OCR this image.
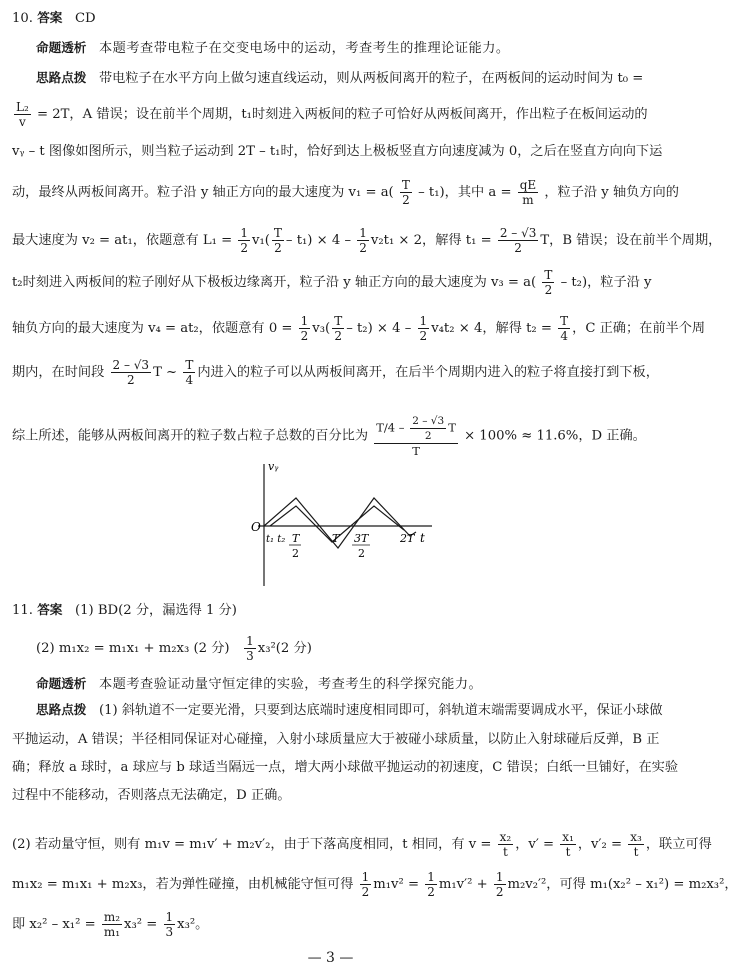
10. 答案 CD
命题透析 本题考查带电粒子在交变电场中的运动，考查考生的推理论证能力。
思路点拨 带电粒子在水平方向上做匀速直线运动，则从两板间离开的粒子，在两板间的运动时间为 t₀ =
$\frac{\text{L₂}}{v} = 2T$，A 错误；设在前半个周期，t₁时刻进入两板间的粒子可恰好从两板间离开，作出粒子在板间运动的
vᵧ – t 图像如图所示，则当粒子运动到 2T – t₁时，恰好到达上极板竖直方向速度减为 0，之后在竖直方向向下运
动，最终从两板间离开。粒子沿 y 轴正方向的最大速度为 $v_1 = a( \frac{T}{2} - t_1)$，其中 $a = \frac{qE}{m}$ ，粒子沿 y 轴负方向的
最大速度为 v₂ = at₁，依题意有 $L_1 = \frac{1}{2} v_1( \frac{T}{2} - t_1) \times 4 - \frac{1}{2} v_2t_1 \times 2$，解得 $t_1 = \frac{2 - √3}{2}$ T，B 错误；设在前半个周期，
t₂时刻进入两板间的粒子刚好从下极板边缘离开，粒子沿 y 轴正方向的最大速度为 $v_3 = a( \frac{T}{2} - t_2)$，粒子沿 y
轴负方向的最大速度为 v₄ = at₂，依题意有 $0 = \frac{1}{2} v_3( \frac{T}{2} - t_2) \times 4 - \frac{1}{2} v_4t_2 \times 4$，解得 $t_2 = \frac{T}{4}$ ，C 正确；在前半个周
期内，在时间段 $\frac{2 - √3}{2}$ T ~ $\frac{T}{4}$ 内进入的粒子可以从两板间离开，在后半个周期内进入的粒子将直接打到下板，
综上所述，能够从两板间离开的粒子数占粒子总数的百分比为 $\frac{T/4 - \frac{2 - √3}{2} T}{T} \times 100\% \approx 11.6\%$，D 正确。
vᵧ
O
t
t₁ t₂ T
2
T 3T
2
2T
11. 答案 (1) BD(2 分，漏选得 1 分)
(2) m₁x₂ = m₁x₁ + m₂x₃ (2 分) $\frac{1}{3} x_3^2(2$ 分)
命题透析 本题考查验证动量守恒定律的实验，考查考生的科学探究能力。
思路点拨 (1) 斜轨道不一定要光滑，只要到达底端时速度相同即可，斜轨道末端需要调成水平，保证小球做
平抛运动，A 错误；半径相同保证对心碰撞，入射小球质量应大于被碰小球质量，以防止入射球碰后反弹，B 正
确；释放 a 球时，a 球应与 b 球适当隔远一点，增大两小球做平抛运动的初速度，C 错误；白纸一旦铺好，在实验
过程中不能移动，否则落点无法确定，D 正确。
(2) 若动量守恒，则有 m₁v = m₁v′ + m₂v′₂，由于下落高度相同，t 相同，有 $v = \frac{\text{x₂}}{t}$ ，$v' = \frac{\text{x₁}}{t}$ ，$v'_2 = \frac{\text{x₃}}{t}$ ，联立可得
m₁x₂ = m₁x₁ + m₂x₃，若为弹性碰撞，由机械能守恒可得 $\frac{1}{2} m_1v^2 = \frac{1}{2} m_1v'^2 + \frac{1}{2} m_2v_2'^2$，可得 m₁(x₂² – x₁²) = m₂x₃²，
即 $x_2^2 - x_1^2 = \frac{\text{m₂}}{\text{m₁}} x_3^2 = \frac{1}{3} x_3^2$。
— 3 —
